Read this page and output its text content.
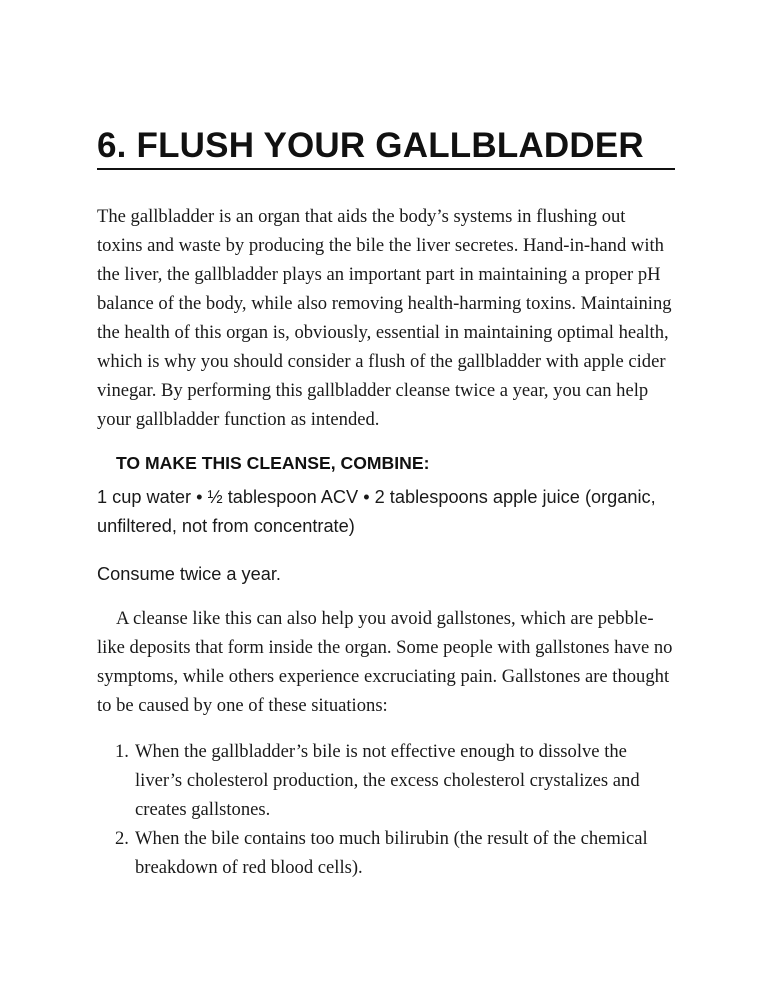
6. FLUSH YOUR GALLBLADDER

The gallbladder is an organ that aids the body’s systems in flushing out toxins and waste by producing the bile the liver secretes. Hand-in-hand with the liver, the gallbladder plays an important part in maintaining a proper pH balance of the body, while also removing health-harming toxins. Maintaining the health of this organ is, obviously, essential in maintaining optimal health, which is why you should consider a flush of the gallbladder with apple cider vinegar. By performing this gallbladder cleanse twice a year, you can help your gallbladder function as intended.

TO MAKE THIS CLEANSE, COMBINE:

1 cup water • ½ tablespoon ACV • 2 tablespoons apple juice (organic, unfiltered, not from concentrate)

Consume twice a year.

A cleanse like this can also help you avoid gallstones, which are pebble-like deposits that form inside the organ. Some people with gallstones have no symptoms, while others experience excruciating pain. Gallstones are thought to be caused by one of these situations:

1. When the gallbladder’s bile is not effective enough to dissolve the liver’s cholesterol production, the excess cholesterol crystalizes and creates gallstones.
2. When the bile contains too much bilirubin (the result of the chemical breakdown of red blood cells).
